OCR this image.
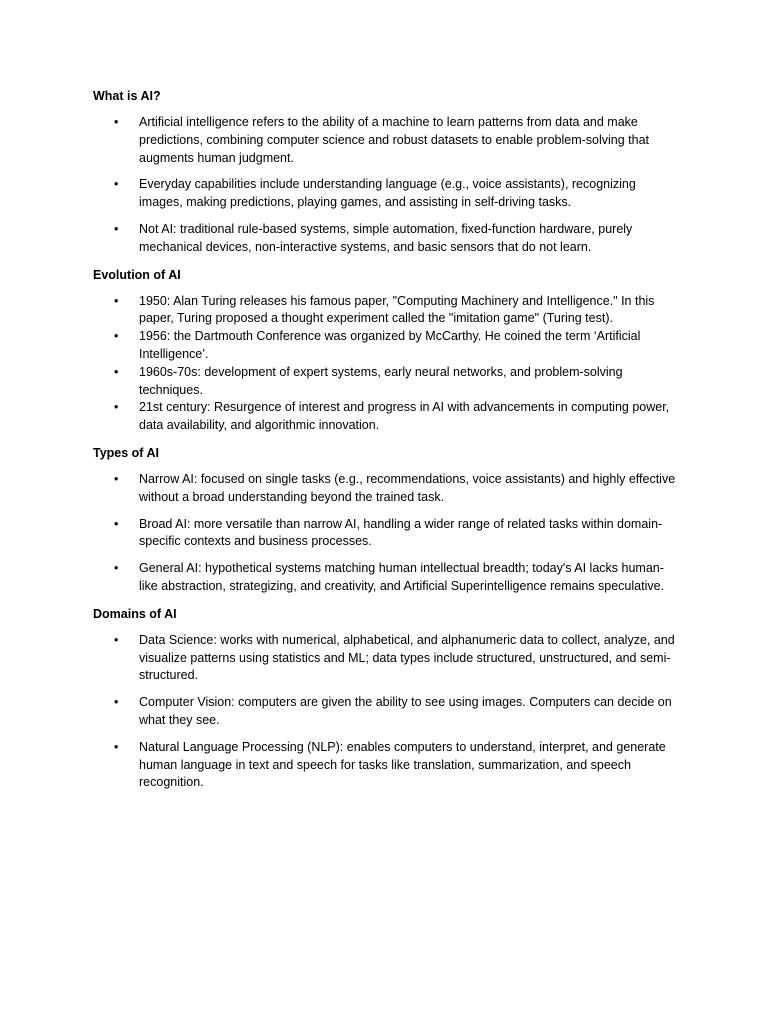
What is AI?
• Artificial intelligence refers to the ability of a machine to learn patterns from data and make predictions, combining computer science and robust datasets to enable problem-solving that augments human judgment.
• Everyday capabilities include understanding language (e.g., voice assistants), recognizing images, making predictions, playing games, and assisting in self-driving tasks.
• Not AI: traditional rule-based systems, simple automation, fixed-function hardware, purely mechanical devices, non-interactive systems, and basic sensors that do not learn.
Evolution of AI
• 1950: Alan Turing releases his famous paper, "Computing Machinery and Intelligence." In this paper, Turing proposed a thought experiment called the "imitation game" (Turing test).
• 1956: the Dartmouth Conference was organized by McCarthy. He coined the term ‘Artificial Intelligence’.
• 1960s-70s: development of expert systems, early neural networks, and problem-solving techniques.
• 21st century: Resurgence of interest and progress in AI with advancements in computing power, data availability, and algorithmic innovation.
Types of AI
• Narrow AI: focused on single tasks (e.g., recommendations, voice assistants) and highly effective without a broad understanding beyond the trained task.
• Broad AI: more versatile than narrow AI, handling a wider range of related tasks within domain-specific contexts and business processes.
• General AI: hypothetical systems matching human intellectual breadth; today's AI lacks human-like abstraction, strategizing, and creativity, and Artificial Superintelligence remains speculative.
Domains of AI
• Data Science: works with numerical, alphabetical, and alphanumeric data to collect, analyze, and visualize patterns using statistics and ML; data types include structured, unstructured, and semi-structured.
• Computer Vision: computers are given the ability to see using images. Computers can decide on what they see.
• Natural Language Processing (NLP): enables computers to understand, interpret, and generate human language in text and speech for tasks like translation, summarization, and speech recognition.
